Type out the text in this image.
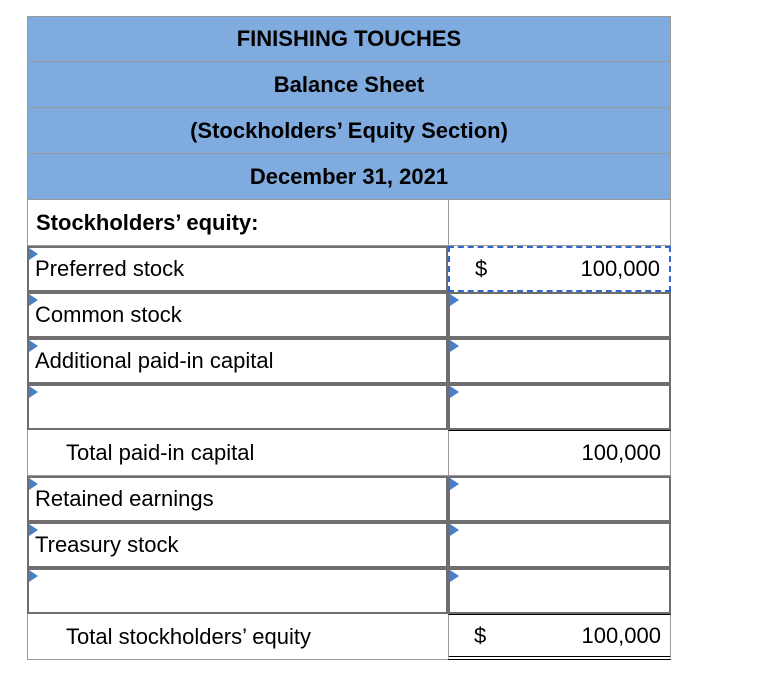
FINISHING TOUCHES
Balance Sheet
(Stockholders’ Equity Section)
December 31, 2021
Stockholders’ equity:
Preferred stock	$	100,000
Common stock
Additional paid-in capital
Total paid-in capital	100,000
Retained earnings
Treasury stock
Total stockholders’ equity	$	100,000
